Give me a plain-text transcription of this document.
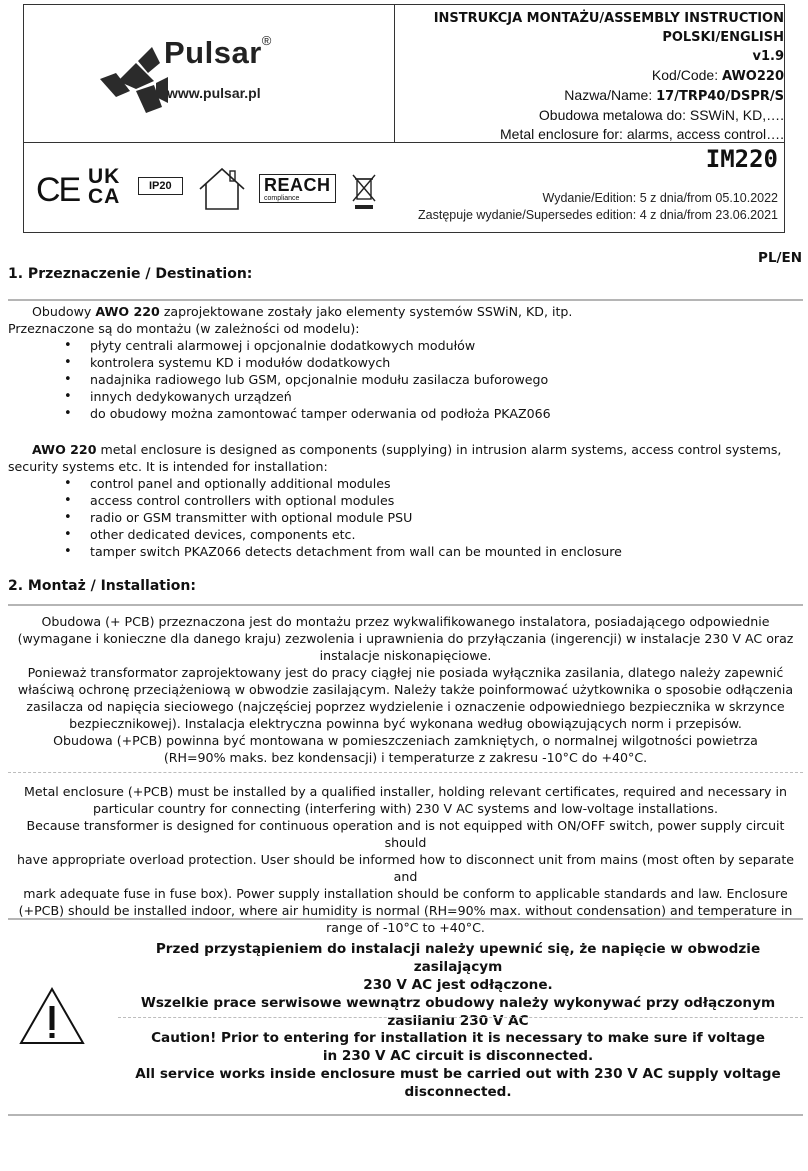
Pulsar®
www.pulsar.pl
INSTRUKCJA MONTAŻU/ASSEMBLY INSTRUCTION
POLSKI/ENGLISH
v1.9
Kod/Code: AWO220
Nazwa/Name: 17/TRP40/DSPR/S
Obudowa metalowa do: SSWiN, KD,….
Metal enclosure for: alarms, access control….
IM220
Wydanie/Edition: 5 z dnia/from 05.10.2022
Zastępuje wydanie/Supersedes edition: 4 z dnia/from 23.06.2021
CE UK
CA	IP20	REACH
compliance
PL/EN
1. Przeznaczenie / Destination:
Obudowy AWO 220 zaprojektowane zostały jako elementy systemów SSWiN, KD, itp.
Przeznaczone są do montażu (w zależności od modelu):
• płyty centrali alarmowej i opcjonalnie dodatkowych modułów
• kontrolera systemu KD i modułów dodatkowych
• nadajnika radiowego lub GSM, opcjonalnie modułu zasilacza buforowego
• innych dedykowanych urządzeń
• do obudowy można zamontować tamper oderwania od podłoża PKAZ066
AWO 220 metal enclosure is designed as components (supplying) in intrusion alarm systems, access control systems,
security systems etc. It is intended for installation:
• control panel and optionally additional modules
• access control controllers with optional modules
• radio or GSM transmitter with optional module PSU
• other dedicated devices, components etc.
• tamper switch PKAZ066 detects detachment from wall can be mounted in enclosure
2. Montaż / Installation:
Obudowa (+ PCB) przeznaczona jest do montażu przez wykwalifikowanego instalatora, posiadającego odpowiednie
(wymagane i konieczne dla danego kraju) zezwolenia i uprawnienia do przyłączania (ingerencji) w instalacje 230 V AC oraz
instalacje niskonapięciowe.
Ponieważ transformator zaprojektowany jest do pracy ciągłej nie posiada wyłącznika zasilania, dlatego należy zapewnić
właściwą ochronę przeciążeniową w obwodzie zasilającym. Należy także poinformować użytkownika o sposobie odłączenia
zasilacza od napięcia sieciowego (najczęściej poprzez wydzielenie i oznaczenie odpowiedniego bezpiecznika w skrzynce
bezpiecznikowej). Instalacja elektryczna powinna być wykonana według obowiązujących norm i przepisów.
Obudowa (+PCB) powinna być montowana w pomieszczeniach zamkniętych, o normalnej wilgotności powietrza
(RH=90% maks. bez kondensacji) i temperaturze z zakresu -10°C do +40°C.
Metal enclosure (+PCB) must be installed by a qualified installer, holding relevant certificates, required and necessary in
particular country for connecting (interfering with) 230 V AC systems and low-voltage installations.
Because transformer is designed for continuous operation and is not equipped with ON/OFF switch, power supply circuit should
have appropriate overload protection. User should be informed how to disconnect unit from mains (most often by separate and
mark adequate fuse in fuse box). Power supply installation should be conform to applicable standards and law. Enclosure
(+PCB) should be installed indoor, where air humidity is normal (RH=90% max. without condensation) and temperature in
range of -10°C to +40°C.
Przed przystąpieniem do instalacji należy upewnić się, że napięcie w obwodzie zasilającym
230 V AC jest odłączone.
Wszelkie prace serwisowe wewnątrz obudowy należy wykonywać przy odłączonym
zasilaniu 230 V AC
Caution! Prior to entering for installation it is necessary to make sure if voltage
in 230 V AC circuit is disconnected.
All service works inside enclosure must be carried out with 230 V AC supply voltage
disconnected.
